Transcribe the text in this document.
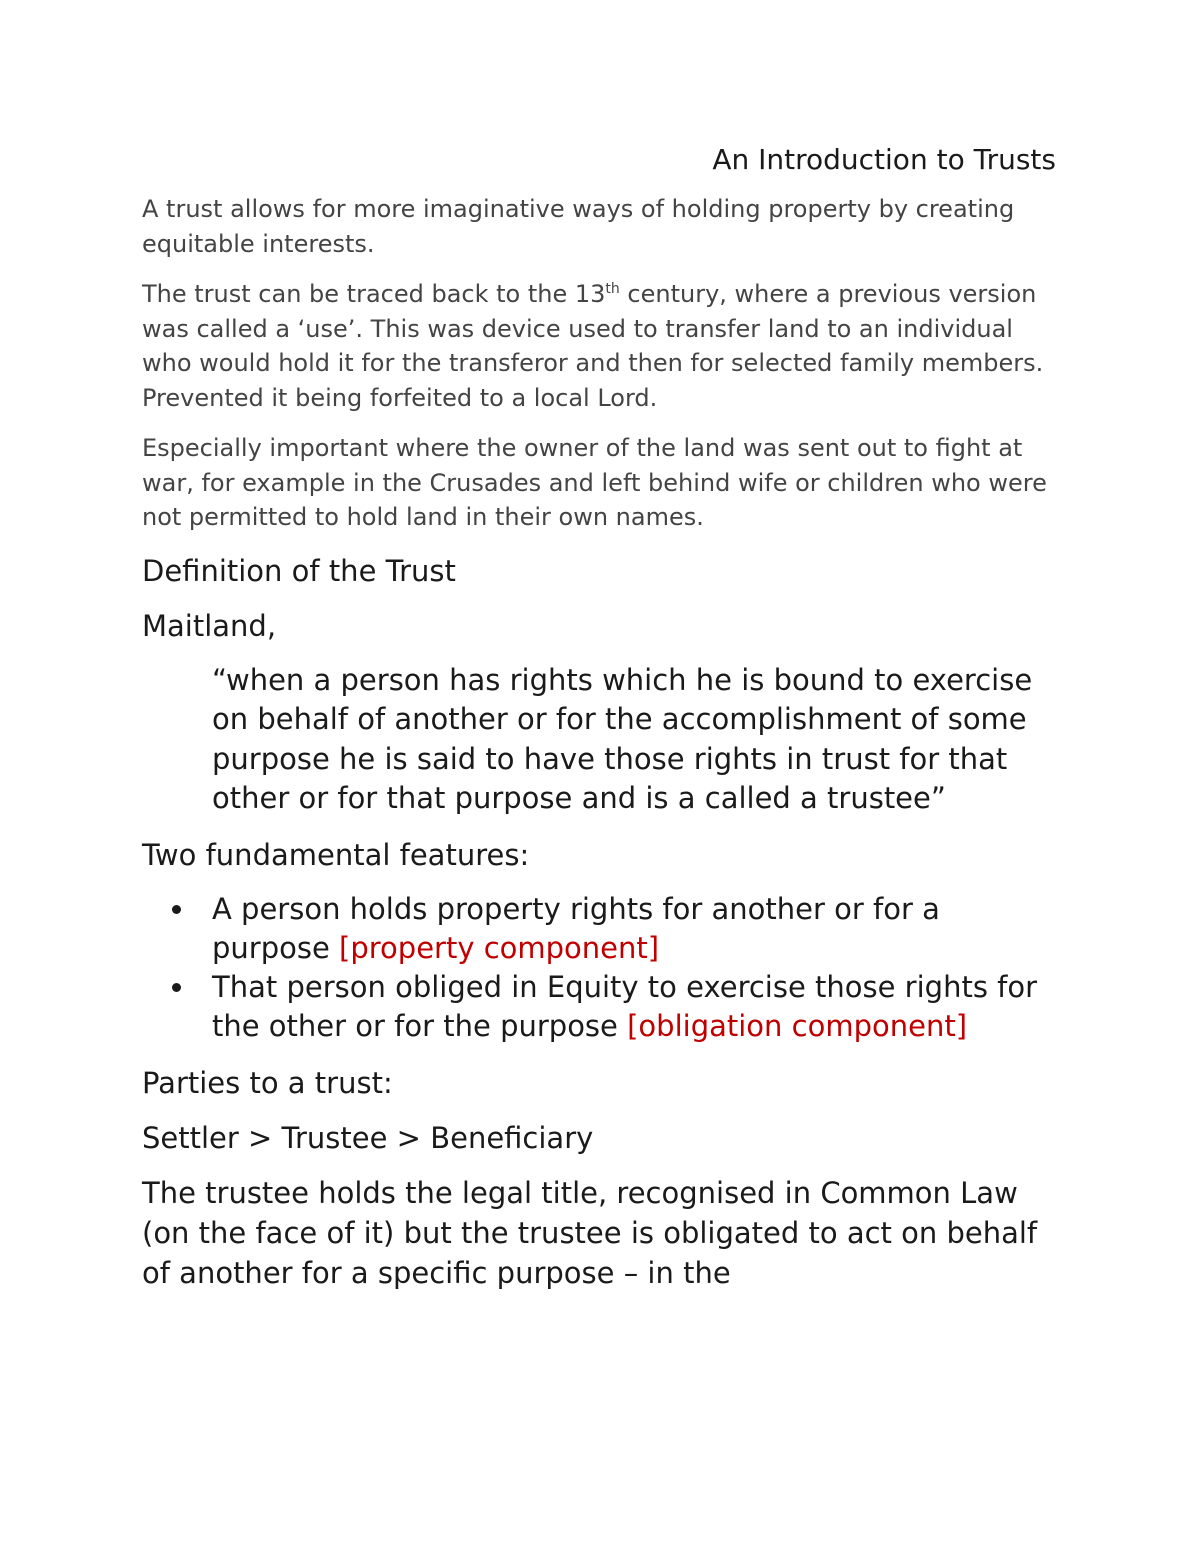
An Introduction to Trusts

A trust allows for more imaginative ways of holding property by creating equitable interests.

The trust can be traced back to the 13th century, where a previous version was called a ‘use’. This was device used to transfer land to an individual who would hold it for the transferor and then for selected family members. Prevented it being forfeited to a local Lord.

Especially important where the owner of the land was sent out to fight at war, for example in the Crusades and left behind wife or children who were not permitted to hold land in their own names.

Definition of the Trust

Maitland,

“when a person has rights which he is bound to exercise on behalf of another or for the accomplishment of some purpose he is said to have those rights in trust for that other or for that purpose and is a called a trustee”

Two fundamental features:

A person holds property rights for another or for a purpose [property component]
That person obliged in Equity to exercise those rights for the other or for the purpose [obligation component]

Parties to a trust:

Settler > Trustee > Beneficiary

The trustee holds the legal title, recognised in Common Law (on the face of it) but the trustee is obligated to act on behalf of another for a specific purpose – in the
